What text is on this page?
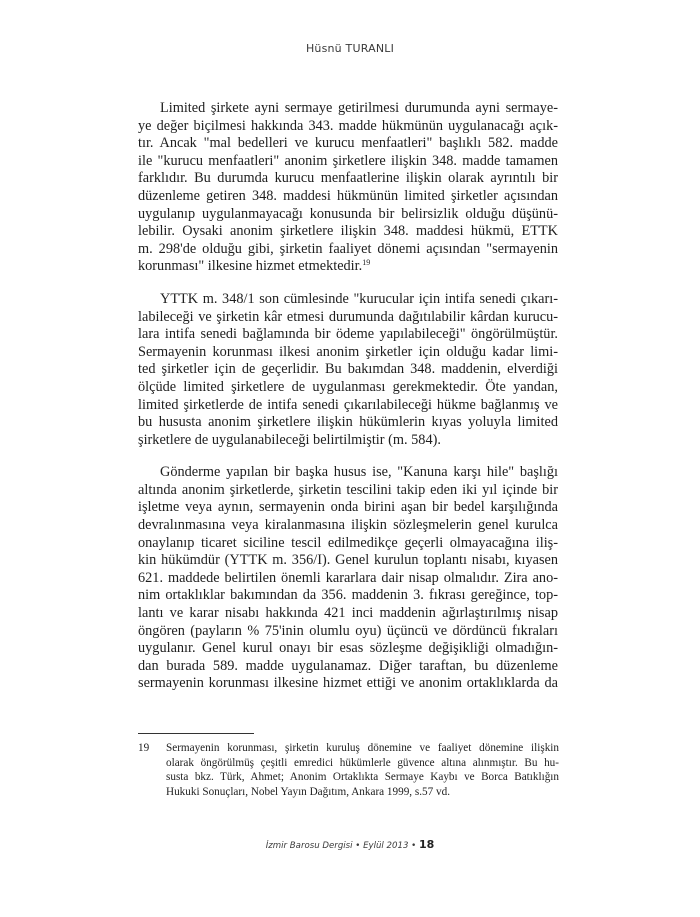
Hüsnü TURANLI
Limited şirkete ayni sermaye getirilmesi durumunda ayni sermaye-
ye değer biçilmesi hakkında 343. madde hükmünün uygulanacağı açık-
tır. Ancak "mal bedelleri ve kurucu menfaatleri" başlıklı 582. madde
ile "kurucu menfaatleri" anonim şirketlere ilişkin 348. madde tamamen
farklıdır. Bu durumda kurucu menfaatlerine ilişkin olarak ayrıntılı bir
düzenleme getiren 348. maddesi hükmünün limited şirketler açısından
uygulanıp uygulanmayacağı konusunda bir belirsizlik olduğu düşünü-
lebilir. Oysaki anonim şirketlere ilişkin 348. maddesi hükmü, ETTK
m. 298'de olduğu gibi, şirketin faaliyet dönemi açısından "sermayenin
korunması" ilkesine hizmet etmektedir.$^{19}$
YTTK m. 348/1 son cümlesinde "kurucular için intifa senedi çıkarı-
labileceği ve şirketin kâr etmesi durumunda dağıtılabilir kârdan kurucu-
lara intifa senedi bağlamında bir ödeme yapılabileceği" öngörülmüştür.
Sermayenin korunması ilkesi anonim şirketler için olduğu kadar limi-
ted şirketler için de geçerlidir. Bu bakımdan 348. maddenin, elverdiği
ölçüde limited şirketlere de uygulanması gerekmektedir. Öte yandan,
limited şirketlerde de intifa senedi çıkarılabileceği hükme bağlanmış ve
bu hususta anonim şirketlere ilişkin hükümlerin kıyas yoluyla limited
şirketlere de uygulanabileceği belirtilmiştir (m. 584).
Gönderme yapılan bir başka husus ise, "Kanuna karşı hile" başlığı
altında anonim şirketlerde, şirketin tescilini takip eden iki yıl içinde bir
işletme veya aynın, sermayenin onda birini aşan bir bedel karşılığında
devralınmasına veya kiralanmasına ilişkin sözleşmelerin genel kurulca
onaylanıp ticaret siciline tescil edilmedikçe geçerli olmayacağına iliş-
kin hükümdür (YTTK m. 356/I). Genel kurulun toplantı nisabı, kıyasen
621. maddede belirtilen önemli kararlara dair nisap olmalıdır. Zira ano-
nim ortaklıklar bakımından da 356. maddenin 3. fıkrası gereğince, top-
lantı ve karar nisabı hakkında 421 inci maddenin ağırlaştırılmış nisap
öngören (payların % 75'inin olumlu oyu) üçüncü ve dördüncü fıkraları
uygulanır. Genel kurul onayı bir esas sözleşme değişikliği olmadığın-
dan burada 589. madde uygulanamaz. Diğer taraftan, bu düzenleme
sermayenin korunması ilkesine hizmet ettiği ve anonim ortaklıklarda da
19 Sermayenin korunması, şirketin kuruluş dönemine ve faaliyet dönemine ilişkin
olarak öngörülmüş çeşitli emredici hükümlerle güvence altına alınmıştır. Bu hu-
susta bkz. Türk, Ahmet; Anonim Ortaklıkta Sermaye Kaybı ve Borca Batıklığın
Hukuki Sonuçları, Nobel Yayın Dağıtım, Ankara 1999, s.57 vd.
İzmir Barosu Dergisi • Eylül 2013 • 18
